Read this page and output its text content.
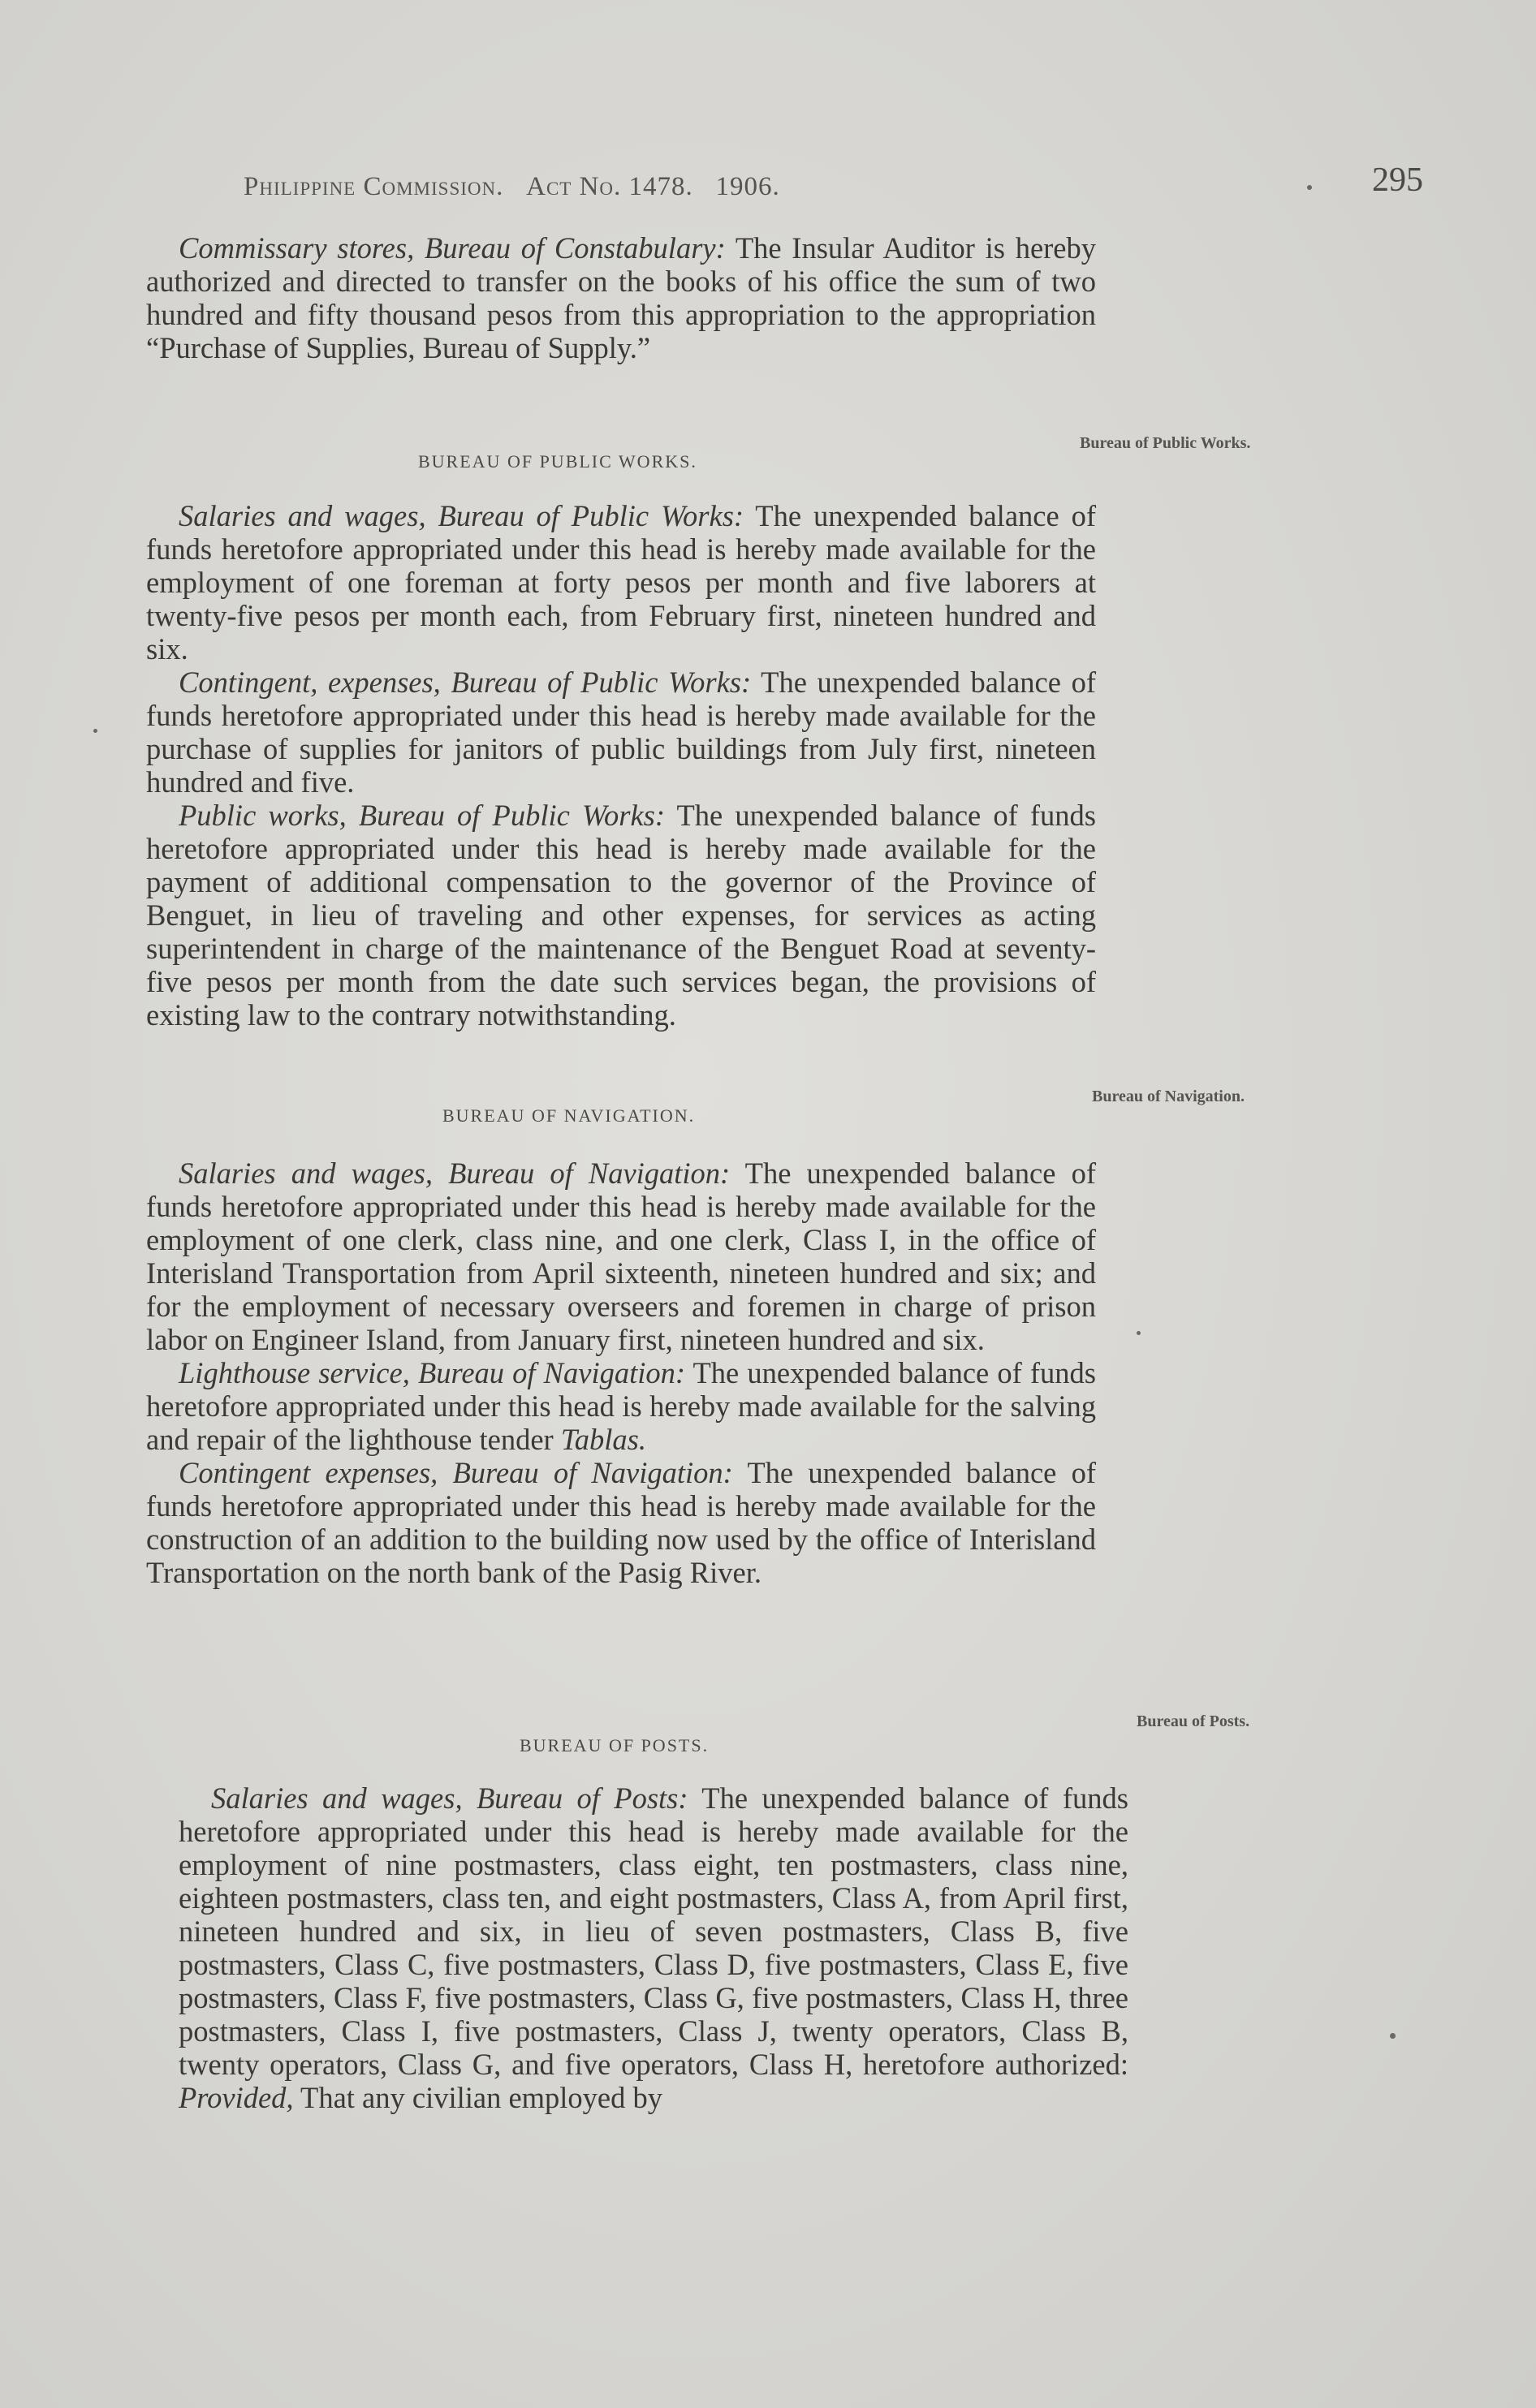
Philippine Commission. Act No. 1478. 1906.	295

Commissary stores, Bureau of Constabulary: The Insular Auditor is hereby authorized and directed to transfer on the books of his office the sum of two hundred and fifty thousand pesos from this appropriation to the appropriation “Purchase of Supplies, Bureau of Supply.”

BUREAU OF PUBLIC WORKS.
Bureau of Public Works.

Salaries and wages, Bureau of Public Works: The unexpended balance of funds heretofore appropriated under this head is hereby made available for the employment of one foreman at forty pesos per month and five laborers at twenty-five pesos per month each, from February first, nineteen hundred and six.

Contingent, expenses, Bureau of Public Works: The unexpended balance of funds heretofore appropriated under this head is hereby made available for the purchase of supplies for janitors of public buildings from July first, nineteen hundred and five.

Public works, Bureau of Public Works: The unexpended balance of funds heretofore appropriated under this head is hereby made available for the payment of additional compensation to the governor of the Province of Benguet, in lieu of traveling and other expenses, for services as acting superintendent in charge of the maintenance of the Benguet Road at seventy-five pesos per month from the date such services began, the provisions of existing law to the contrary notwithstanding.

BUREAU OF NAVIGATION.
Bureau of Navigation.

Salaries and wages, Bureau of Navigation: The unexpended balance of funds heretofore appropriated under this head is hereby made available for the employment of one clerk, class nine, and one clerk, Class I, in the office of Interisland Transportation from April sixteenth, nineteen hundred and six; and for the employment of necessary overseers and foremen in charge of prison labor on Engineer Island, from January first, nineteen hundred and six.

Lighthouse service, Bureau of Navigation: The unexpended balance of funds heretofore appropriated under this head is hereby made available for the salving and repair of the lighthouse tender Tablas.

Contingent expenses, Bureau of Navigation: The unexpended balance of funds heretofore appropriated under this head is hereby made available for the construction of an addition to the building now used by the office of Interisland Transportation on the north bank of the Pasig River.

BUREAU OF POSTS.
Bureau of Posts.

Salaries and wages, Bureau of Posts: The unexpended balance of funds heretofore appropriated under this head is hereby made available for the employment of nine postmasters, class eight, ten postmasters, class nine, eighteen postmasters, class ten, and eight postmasters, Class A, from April first, nineteen hundred and six, in lieu of seven postmasters, Class B, five postmasters, Class C, five postmasters, Class D, five postmasters, Class E, five postmasters, Class F, five postmasters, Class G, five postmasters, Class H, three postmasters, Class I, five postmasters, Class J, twenty operators, Class B, twenty operators, Class G, and five operators, Class H, heretofore authorized: Provided, That any civilian employed by
